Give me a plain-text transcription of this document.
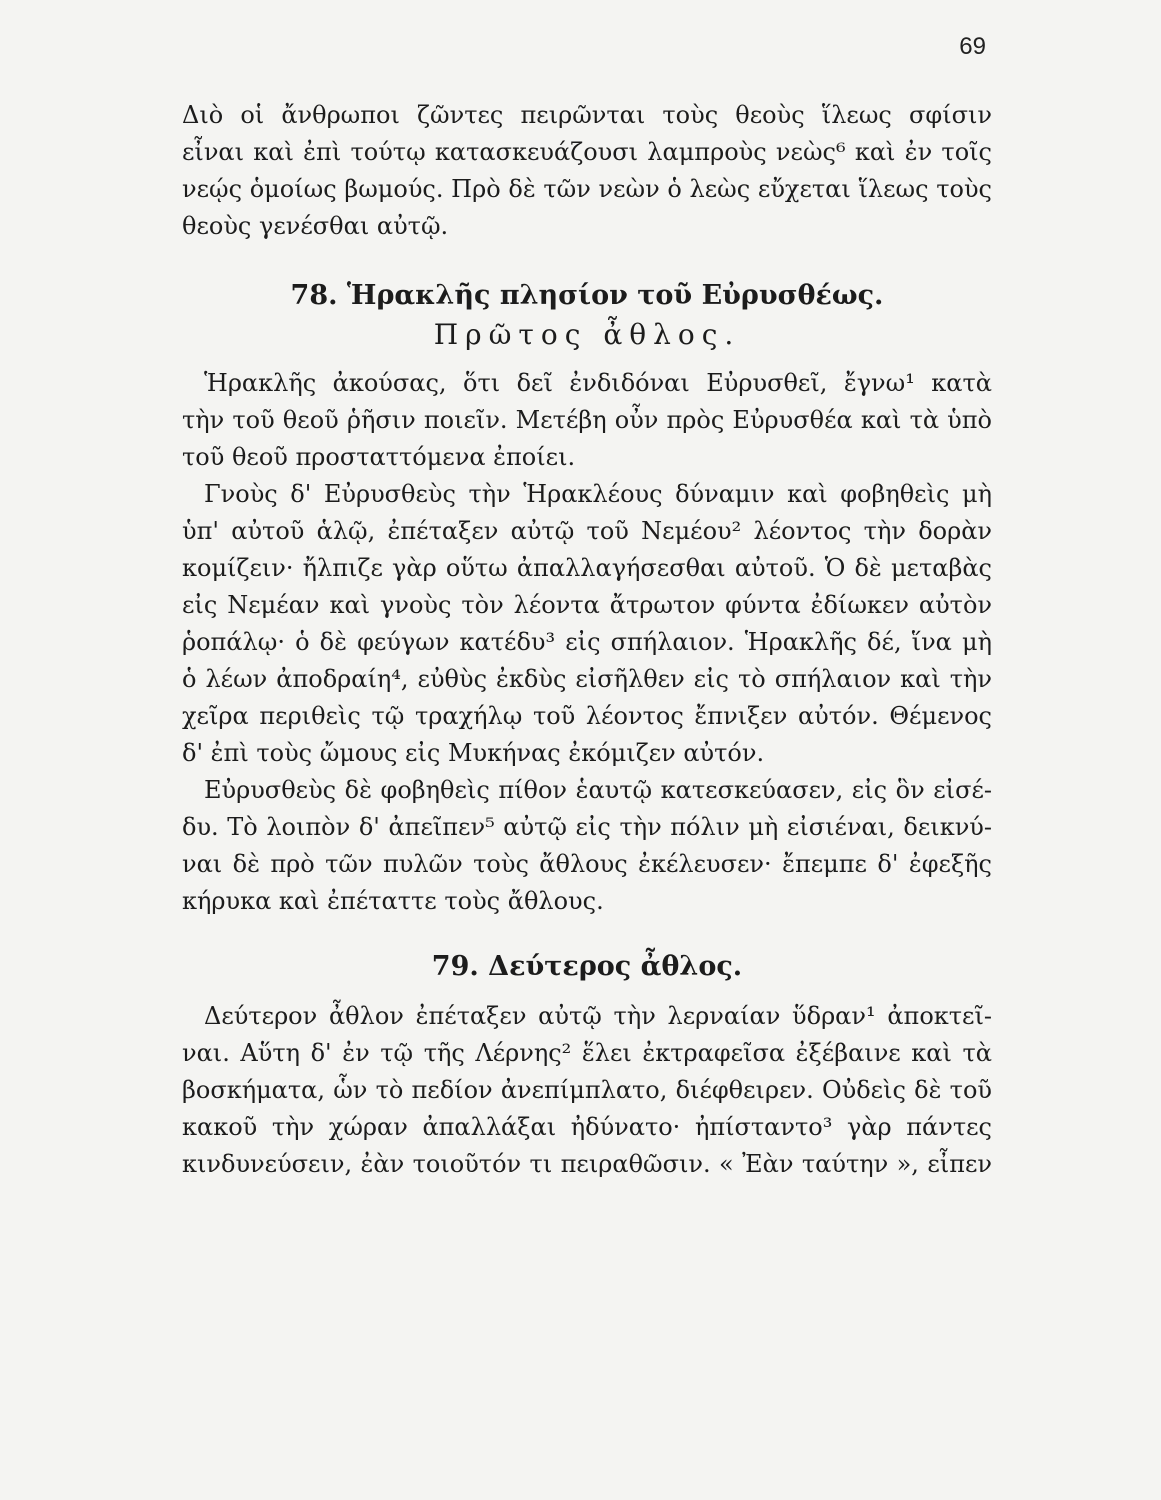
69
Διὸ οἱ ἄνθρωποι ζῶντες πειρῶνται τοὺς θεοὺς ἵλεως σφίσιν
εἶναι καὶ ἐπὶ τούτῳ κατασκευάζουσι λαμπροὺς νεὼς⁶ καὶ ἐν τοῖς
νεῴς ὁμοίως βωμούς. Πρὸ δὲ τῶν νεὼν ὁ λεὼς εὔχεται ἵλεως τοὺς
θεοὺς γενέσθαι αὐτῷ.
78. Ἡρακλῆς πλησίον τοῦ Εὐρυσθέως.
Πρῶτος ἆθλος.
Ἡρακλῆς ἀκούσας, ὅτι δεῖ ἐνδιδόναι Εὐρυσθεῖ, ἔγνω¹ κατὰ
τὴν τοῦ θεοῦ ῥῆσιν ποιεῖν. Μετέβη οὖν πρὸς Εὐρυσθέα καὶ τὰ ὑπὸ
τοῦ θεοῦ προσταττόμενα ἐποίει.
Γνοὺς δ' Εὐρυσθεὺς τὴν Ἡρακλέους δύναμιν καὶ φοβηθεὶς μὴ
ὑπ' αὐτοῦ ἁλῷ, ἐπέταξεν αὐτῷ τοῦ Νεμέου² λέοντος τὴν δορὰν
κομίζειν· ἤλπιζε γὰρ οὕτω ἀπαλλαγήσεσθαι αὐτοῦ. Ὁ δὲ μεταβὰς
εἰς Νεμέαν καὶ γνοὺς τὸν λέοντα ἄτρωτον φύντα ἐδίωκεν αὐτὸν
ῥοπάλῳ· ὁ δὲ φεύγων κατέδυ³ εἰς σπήλαιον. Ἡρακλῆς δέ, ἵνα μὴ
ὁ λέων ἀποδραίη⁴, εὐθὺς ἐκδὺς εἰσῆλθεν εἰς τὸ σπήλαιον καὶ τὴν
χεῖρα περιθεὶς τῷ τραχήλῳ τοῦ λέοντος ἔπνιξεν αὐτόν. Θέμενος
δ' ἐπὶ τοὺς ὤμους εἰς Μυκήνας ἐκόμιζεν αὐτόν.
Εὐρυσθεὺς δὲ φοβηθεὶς πίθον ἑαυτῷ κατεσκεύασεν, εἰς ὃν εἰσέ-
δυ. Τὸ λοιπὸν δ' ἀπεῖπεν⁵ αὐτῷ εἰς τὴν πόλιν μὴ εἰσιέναι, δεικνύ-
ναι δὲ πρὸ τῶν πυλῶν τοὺς ἄθλους ἐκέλευσεν· ἔπεμπε δ' ἐφεξῆς
κήρυκα καὶ ἐπέταττε τοὺς ἄθλους.
79. Δεύτερος ἆθλος.
Δεύτερον ἆθλον ἐπέταξεν αὐτῷ τὴν λερναίαν ὕδραν¹ ἀποκτεῖ-
ναι. Αὕτη δ' ἐν τῷ τῆς Λέρνης² ἕλει ἐκτραφεῖσα ἐξέβαινε καὶ τὰ
βοσκήματα, ὧν τὸ πεδίον ἀνεπίμπλατο, διέφθειρεν. Οὐδεὶς δὲ τοῦ
κακοῦ τὴν χώραν ἀπαλλάξαι ἠδύνατο· ἠπίσταντο³ γὰρ πάντες
κινδυνεύσειν, ἐὰν τοιοῦτόν τι πειραθῶσιν. « Ἐὰν ταύτην », εἶπεν
